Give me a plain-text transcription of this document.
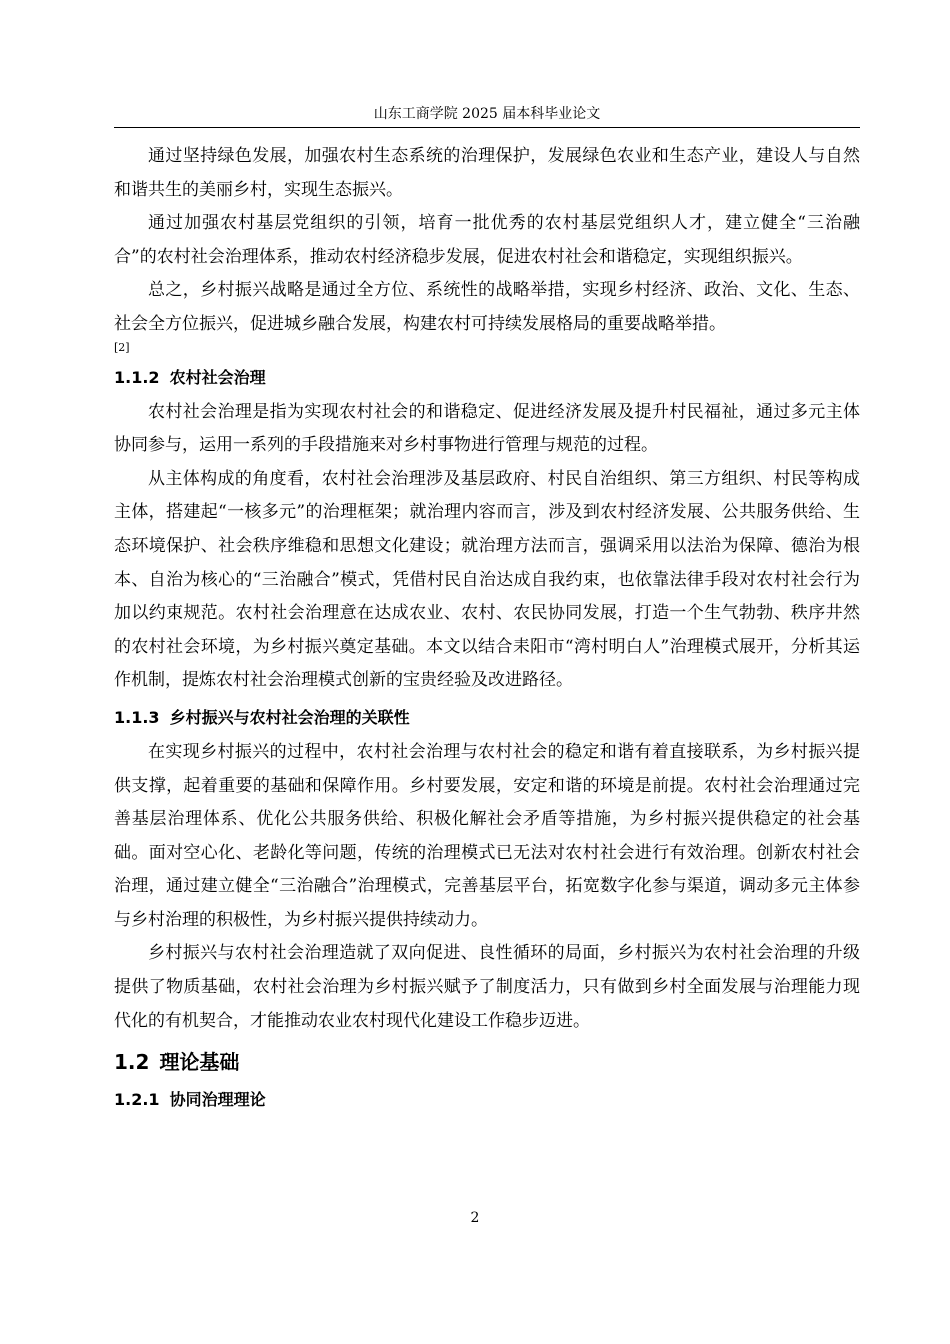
山东工商学院 2025 届本科毕业论文

通过坚持绿色发展，加强农村生态系统的治理保护，发展绿色农业和生态产业，建设人与自然和谐共生的美丽乡村，实现生态振兴。

通过加强农村基层党组织的引领，培育一批优秀的农村基层党组织人才，建立健全“三治融合”的农村社会治理体系，推动农村经济稳步发展，促进农村社会和谐稳定，实现组织振兴。

总之，乡村振兴战略是通过全方位、系统性的战略举措，实现乡村经济、政治、文化、生态、社会全方位振兴，促进城乡融合发展，构建农村可持续发展格局的重要战略举措。

[2]
1.1.2 农村社会治理

农村社会治理是指为实现农村社会的和谐稳定、促进经济发展及提升村民福祉，通过多元主体协同参与，运用一系列的手段措施来对乡村事物进行管理与规范的过程。

从主体构成的角度看，农村社会治理涉及基层政府、村民自治组织、第三方组织、村民等构成主体，搭建起“一核多元”的治理框架；就治理内容而言，涉及到农村经济发展、公共服务供给、生态环境保护、社会秩序维稳和思想文化建设；就治理方法而言，强调采用以法治为保障、德治为根本、自治为核心的“三治融合”模式，凭借村民自治达成自我约束，也依靠法律手段对农村社会行为加以约束规范。农村社会治理意在达成农业、农村、农民协同发展，打造一个生气勃勃、秩序井然的农村社会环境，为乡村振兴奠定基础。本文以结合耒阳市“湾村明白人”治理模式展开，分析其运作机制，提炼农村社会治理模式创新的宝贵经验及改进路径。

1.1.3 乡村振兴与农村社会治理的关联性

在实现乡村振兴的过程中，农村社会治理与农村社会的稳定和谐有着直接联系，为乡村振兴提供支撑，起着重要的基础和保障作用。乡村要发展，安定和谐的环境是前提。农村社会治理通过完善基层治理体系、优化公共服务供给、积极化解社会矛盾等措施，为乡村振兴提供稳定的社会基础。面对空心化、老龄化等问题，传统的治理模式已无法对农村社会进行有效治理。创新农村社会治理，通过建立健全“三治融合”治理模式，完善基层平台，拓宽数字化参与渠道，调动多元主体参与乡村治理的积极性，为乡村振兴提供持续动力。

乡村振兴与农村社会治理造就了双向促进、良性循环的局面，乡村振兴为农村社会治理的升级提供了物质基础，农村社会治理为乡村振兴赋予了制度活力，只有做到乡村全面发展与治理能力现代化的有机契合，才能推动农业农村现代化建设工作稳步迈进。

1.2 理论基础
1.2.1 协同治理理论
2
